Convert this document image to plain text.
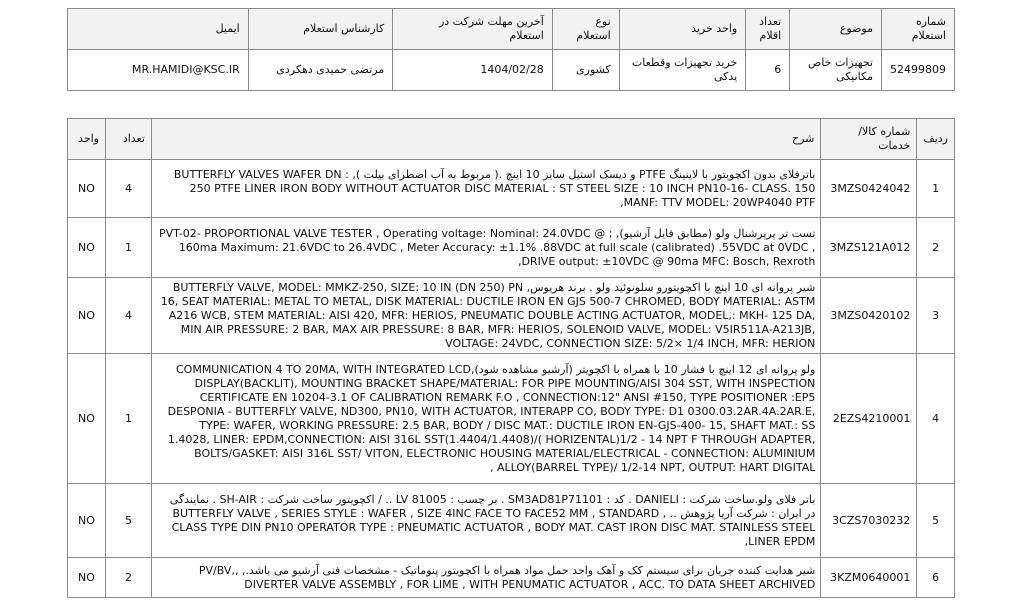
شماره استعلام	موضوع	تعداد اقلام	واحد خرید	نوع استعلام	آخرین مهلت شرکت در استعلام	کارشناس استعلام	ایمیل
52499809	تجهیزات خاص مکانیکی	6	خرید تجهیزات وقطعات یدکی	کشوری	1404/02/28	مرتضی حمیدی دهکردی	MR.HAMIDI@KSC.IR
ردیف	شماره کالا/خدمات	شرح	تعداد	واحد
1	3MZS0424042	باترفلای بدون اکچویتور با لاینینگ PTFE و دیسک استیل سایز 10 اینچ .( مربوط به آب اضطرای بیلت ), BUTTERFLY VALVES WAFER DN : 250 PTFE LINER IRON BODY WITHOUT ACTUATOR DISC MATERIAL : ST STEEL SIZE : 10 INCH PN10-16- CLASS. 150 MANF: TTV MODEL: 20WP4040 PTF,	4	NO
2	3MZS121A012	تست تر پرپرشنال ولو (مطابق فایل آرشیو), ; PVT-02- PROPORTIONAL VALVE TESTER , Operating voltage: Nominal: 24.0VDC @ 160ma Maximum: 21.6VDC to 26.4VDC , Meter Accuracy: ±1.1% .88VDC at full scale (calibrated) .55VDC at 0VDC , DRIVE output: ±10VDC @ 90ma MFC: Bosch, Rexroth,	1	NO
3	3MZS0420102	شیر پروانه ای 10 اینچ با اکچویتورو سلونوئید ولو . برند هریوس, BUTTERFLY VALVE, MODEL: MMKZ-250, SIZE: 10 IN (DN 250) PN 16, SEAT MATERIAL: METAL TO METAL, DISK MATERIAL: DUCTILE IRON EN GJS 500-7 CHROMED, BODY MATERIAL: ASTM A216 WCB, STEM MATERIAL: AISI 420, MFR: HERIOS, PNEUMATIC DOUBLE ACTING ACTUATOR, MODEL,: MKH- 125 DA, MIN AIR PRESSURE: 2 BAR, MAX AIR PRESSURE: 8 BAR, MFR: HERIOS, SOLENOID VALVE, MODEL: V5IR511A-A213JB, VOLTAGE: 24VDC, CONNECTION SIZE: 5/2× 1/4 INCH, MFR: HERION	4	NO
4	2EZS4210001	ولو پروانه ای 12 اینچ با فشار 10 با همراه با اکچویتر (آرشیو مشاهده شود),COMMUNICATION 4 TO 20MA, WITH INTEGRATED LCD DISPLAY(BACKLIT), MOUNTING BRACKET SHAPE/MATERIAL: FOR PIPE MOUNTING/AISI 304 SST, WITH INSPECTION CERTIFICATE EN 10204-3.1 OF CALIBRATION REMARK F.O , CONNECTION:12" ANSI #150, TYPE POSITIONER :EP5 DESPONIA - BUTTERFLY VALVE, ND300, PN10, WITH ACTUATOR, INTERAPP CO, BODY TYPE: D1 0300.03.2AR.4A.2AR.E, TYPE: WAFER, WORKING PRESSURE: 2.5 BAR, BODY / DISC MAT.: DUCTILE IRON EN-GJS-400- 15, SHAFT MAT.: SS 1.4028, LINER: EPDM,CONNECTION: AISI 316L SST(1.4404/1.4408)/( HORIZENTAL)1/2 - 14 NPT F THROUGH ADAPTER, BOLTS/GASKET: AISI 316L SST/ VITON, ELECTRONIC HOUSING MATERIAL/ELECTRICAL - CONNECTION: ALUMINIUM ALLOY(BARREL TYPE)/ 1/2-14 NPT, OUTPUT: HART DIGITAL ,	1	NO
5	3CZS7030232	باتر فلای ولو.ساخت شرکت : DANIELI . کد : SM3AD81P71101 . بر چسب : LV 81005 .. / اکچویتور ساخت شرکت : SH-AIR . نمایندگی در ایران : شرکت آریا پژوهش .. , BUTTERFLY VALVE , SERIES STYLE : WAFER , SIZE 4INC FACE TO FACE52 MM , STANDARD CLASS TYPE DIN PN10 OPERATOR TYPE : PNEUMATIC ACTUATOR , BODY MAT. CAST IRON DISC MAT. STAINLESS STEEL LINER EPDM,	5	NO
6	3KZM0640001	شیر هدایت کننده جریان برای سیستم کک و آهک واحد حمل مواد همراه با اکچویتور پنوماتیک - مشخصات فنی آرشیو می باشد., ,,PV/BV DIVERTER VALVE ASSEMBLY , FOR LIME , WITH PENUMATIC ACTUATOR , ACC. TO DATA SHEET ARCHIVED	2	NO
